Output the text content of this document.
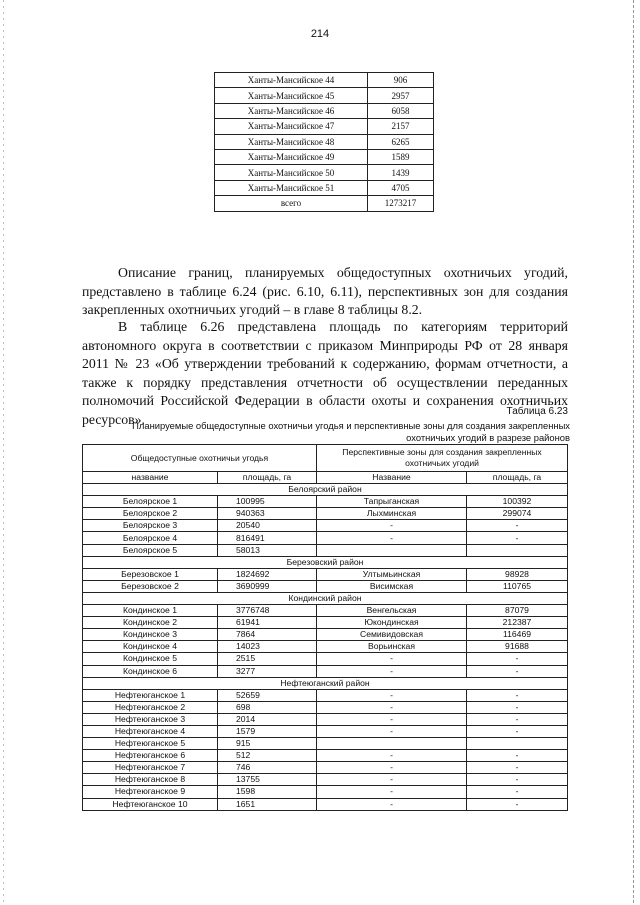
214
Ханты-Мансийское 44	906
Ханты-Мансийское 45	2957
Ханты-Мансийское 46	6058
Ханты-Мансийское 47	2157
Ханты-Мансийское 48	6265
Ханты-Мансийское 49	1589
Ханты-Мансийское 50	1439
Ханты-Мансийское 51	4705
всего	1273217

Описание границ, планируемых общедоступных охотничьих угодий, представлено в таблице 6.24 (рис. 6.10, 6.11), перспективных зон для создания закрепленных охотничьих угодий – в главе 8 таблицы 8.2.

В таблице 6.26 представлена площадь по категориям территорий автономного округа в соответствии с приказом Минприроды РФ от 28 января 2011 № 23 «Об утверждении требований к содержанию, формам отчетности, а также к порядку представления отчетности об осуществлении переданных полномочий Российской Федерации в области охоты и сохранения охотничьих ресурсов».	Таблица 6.23
Планируемые общедоступные охотничьи угодья и перспективные зоны для создания закрепленных охотничьих угодий в разрезе районов
Общедоступные охотничьи угодья		Перспективные зоны для создания закрепленных охотничьих угодий	
название	площадь, га	Название	площадь, га
Белоярский район			
Белоярское 1	100995	Тапрыганская	100392
Белоярское 2	940363	Лыхминская	299074
Белоярское 3	20540	-	-
Белоярское 4	816491	-	-
Белоярское 5	58013		
Березовский район			
Березовское 1	1824692	Ултымьинская	98928
Березовское 2	3690999	Висимская	110765
Кондинский район			
Кондинское 1	3776748	Венгельская	87079
Кондинское 2	61941	Юкондинская	212387
Кондинское 3	7864	Семивидовская	116469
Кондинское 4	14023	Ворьинская	91688
Кондинское 5	2515	-	-
Кондинское 6	3277	-	-
Нефтеюганский район			
Нефтеюганское 1	52659	-	-
Нефтеюганское 2	698	-	-
Нефтеюганское 3	2014	-	-
Нефтеюганское 4	1579	-	-
Нефтеюганское 5	915		
Нефтеюганское 6	512	-	-
Нефтеюганское 7	746	-	-
Нефтеюганское 8	13755	-	-
Нефтеюганское 9	1598	-	-
Нефтеюганское 10	1651	-	-
